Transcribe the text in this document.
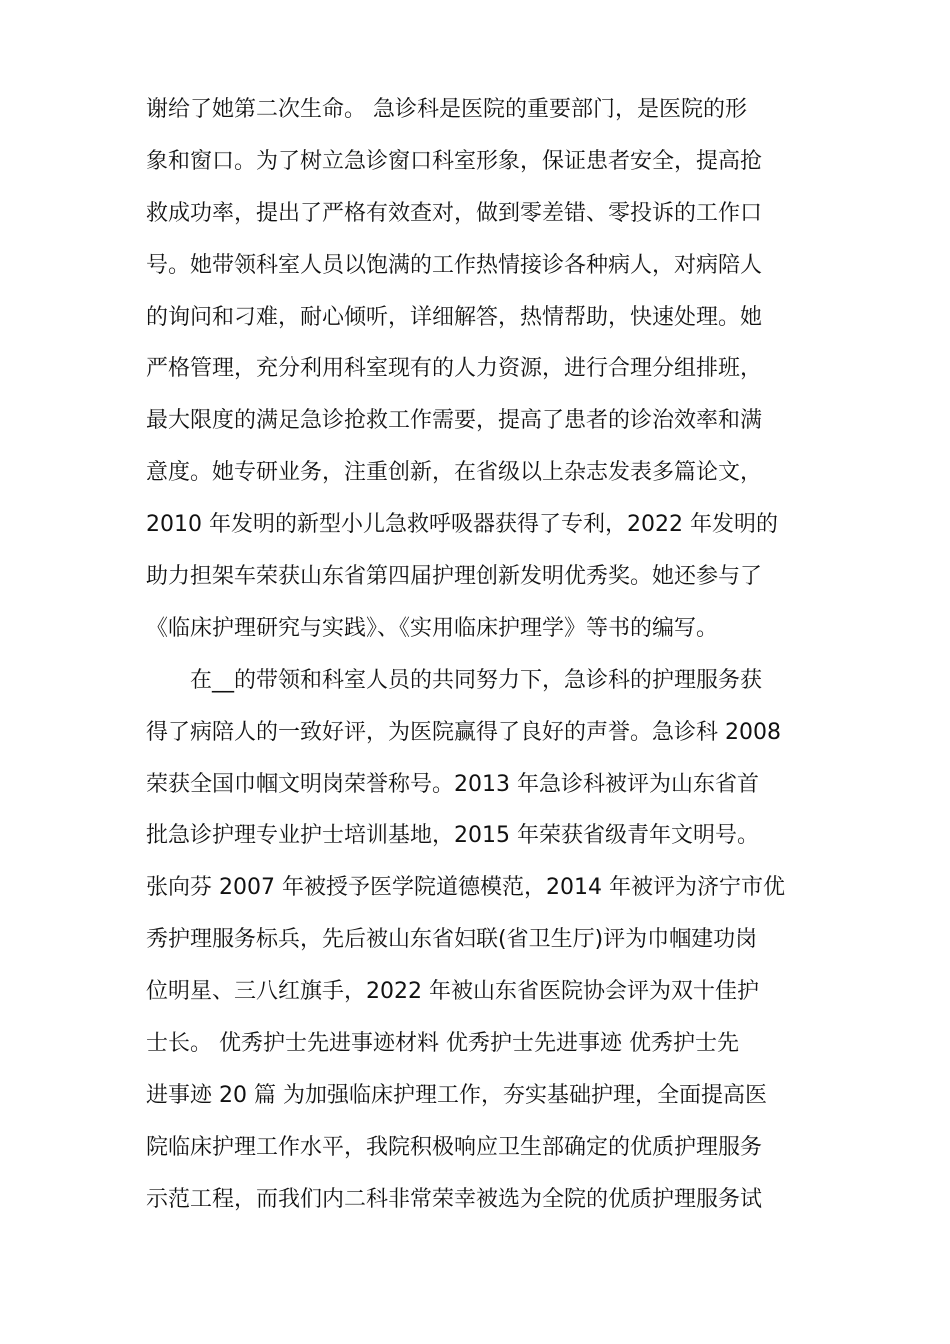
谢给了她第二次生命。 急诊科是医院的重要部门，是医院的形
象和窗口。为了树立急诊窗口科室形象，保证患者安全，提高抢
救成功率，提出了严格有效查对，做到零差错、零投诉的工作口
号。她带领科室人员以饱满的工作热情接诊各种病人，对病陪人
的询问和刁难，耐心倾听，详细解答，热情帮助，快速处理。她
严格管理，充分利用科室现有的人力资源，进行合理分组排班，
最大限度的满足急诊抢救工作需要，提高了患者的诊治效率和满
意度。她专研业务，注重创新，在省级以上杂志发表多篇论文，
2010 年发明的新型小儿急救呼吸器获得了专利，2022 年发明的
助力担架车荣获山东省第四届护理创新发明优秀奖。她还参与了
《临床护理研究与实践》、《实用临床护理学》等书的编写。
在__的带领和科室人员的共同努力下，急诊科的护理服务获
得了病陪人的一致好评，为医院赢得了良好的声誉。急诊科 2008
荣获全国巾帼文明岗荣誉称号。2013 年急诊科被评为山东省首
批急诊护理专业护士培训基地，2015 年荣获省级青年文明号。
张向芬 2007 年被授予医学院道德模范，2014 年被评为济宁市优
秀护理服务标兵，先后被山东省妇联(省卫生厅)评为巾帼建功岗
位明星、三八红旗手，2022 年被山东省医院协会评为双十佳护
士长。 优秀护士先进事迹材料 优秀护士先进事迹 优秀护士先
进事迹 20 篇 为加强临床护理工作，夯实基础护理，全面提高医
院临床护理工作水平，我院积极响应卫生部确定的优质护理服务
示范工程，而我们内二科非常荣幸被选为全院的优质护理服务试
